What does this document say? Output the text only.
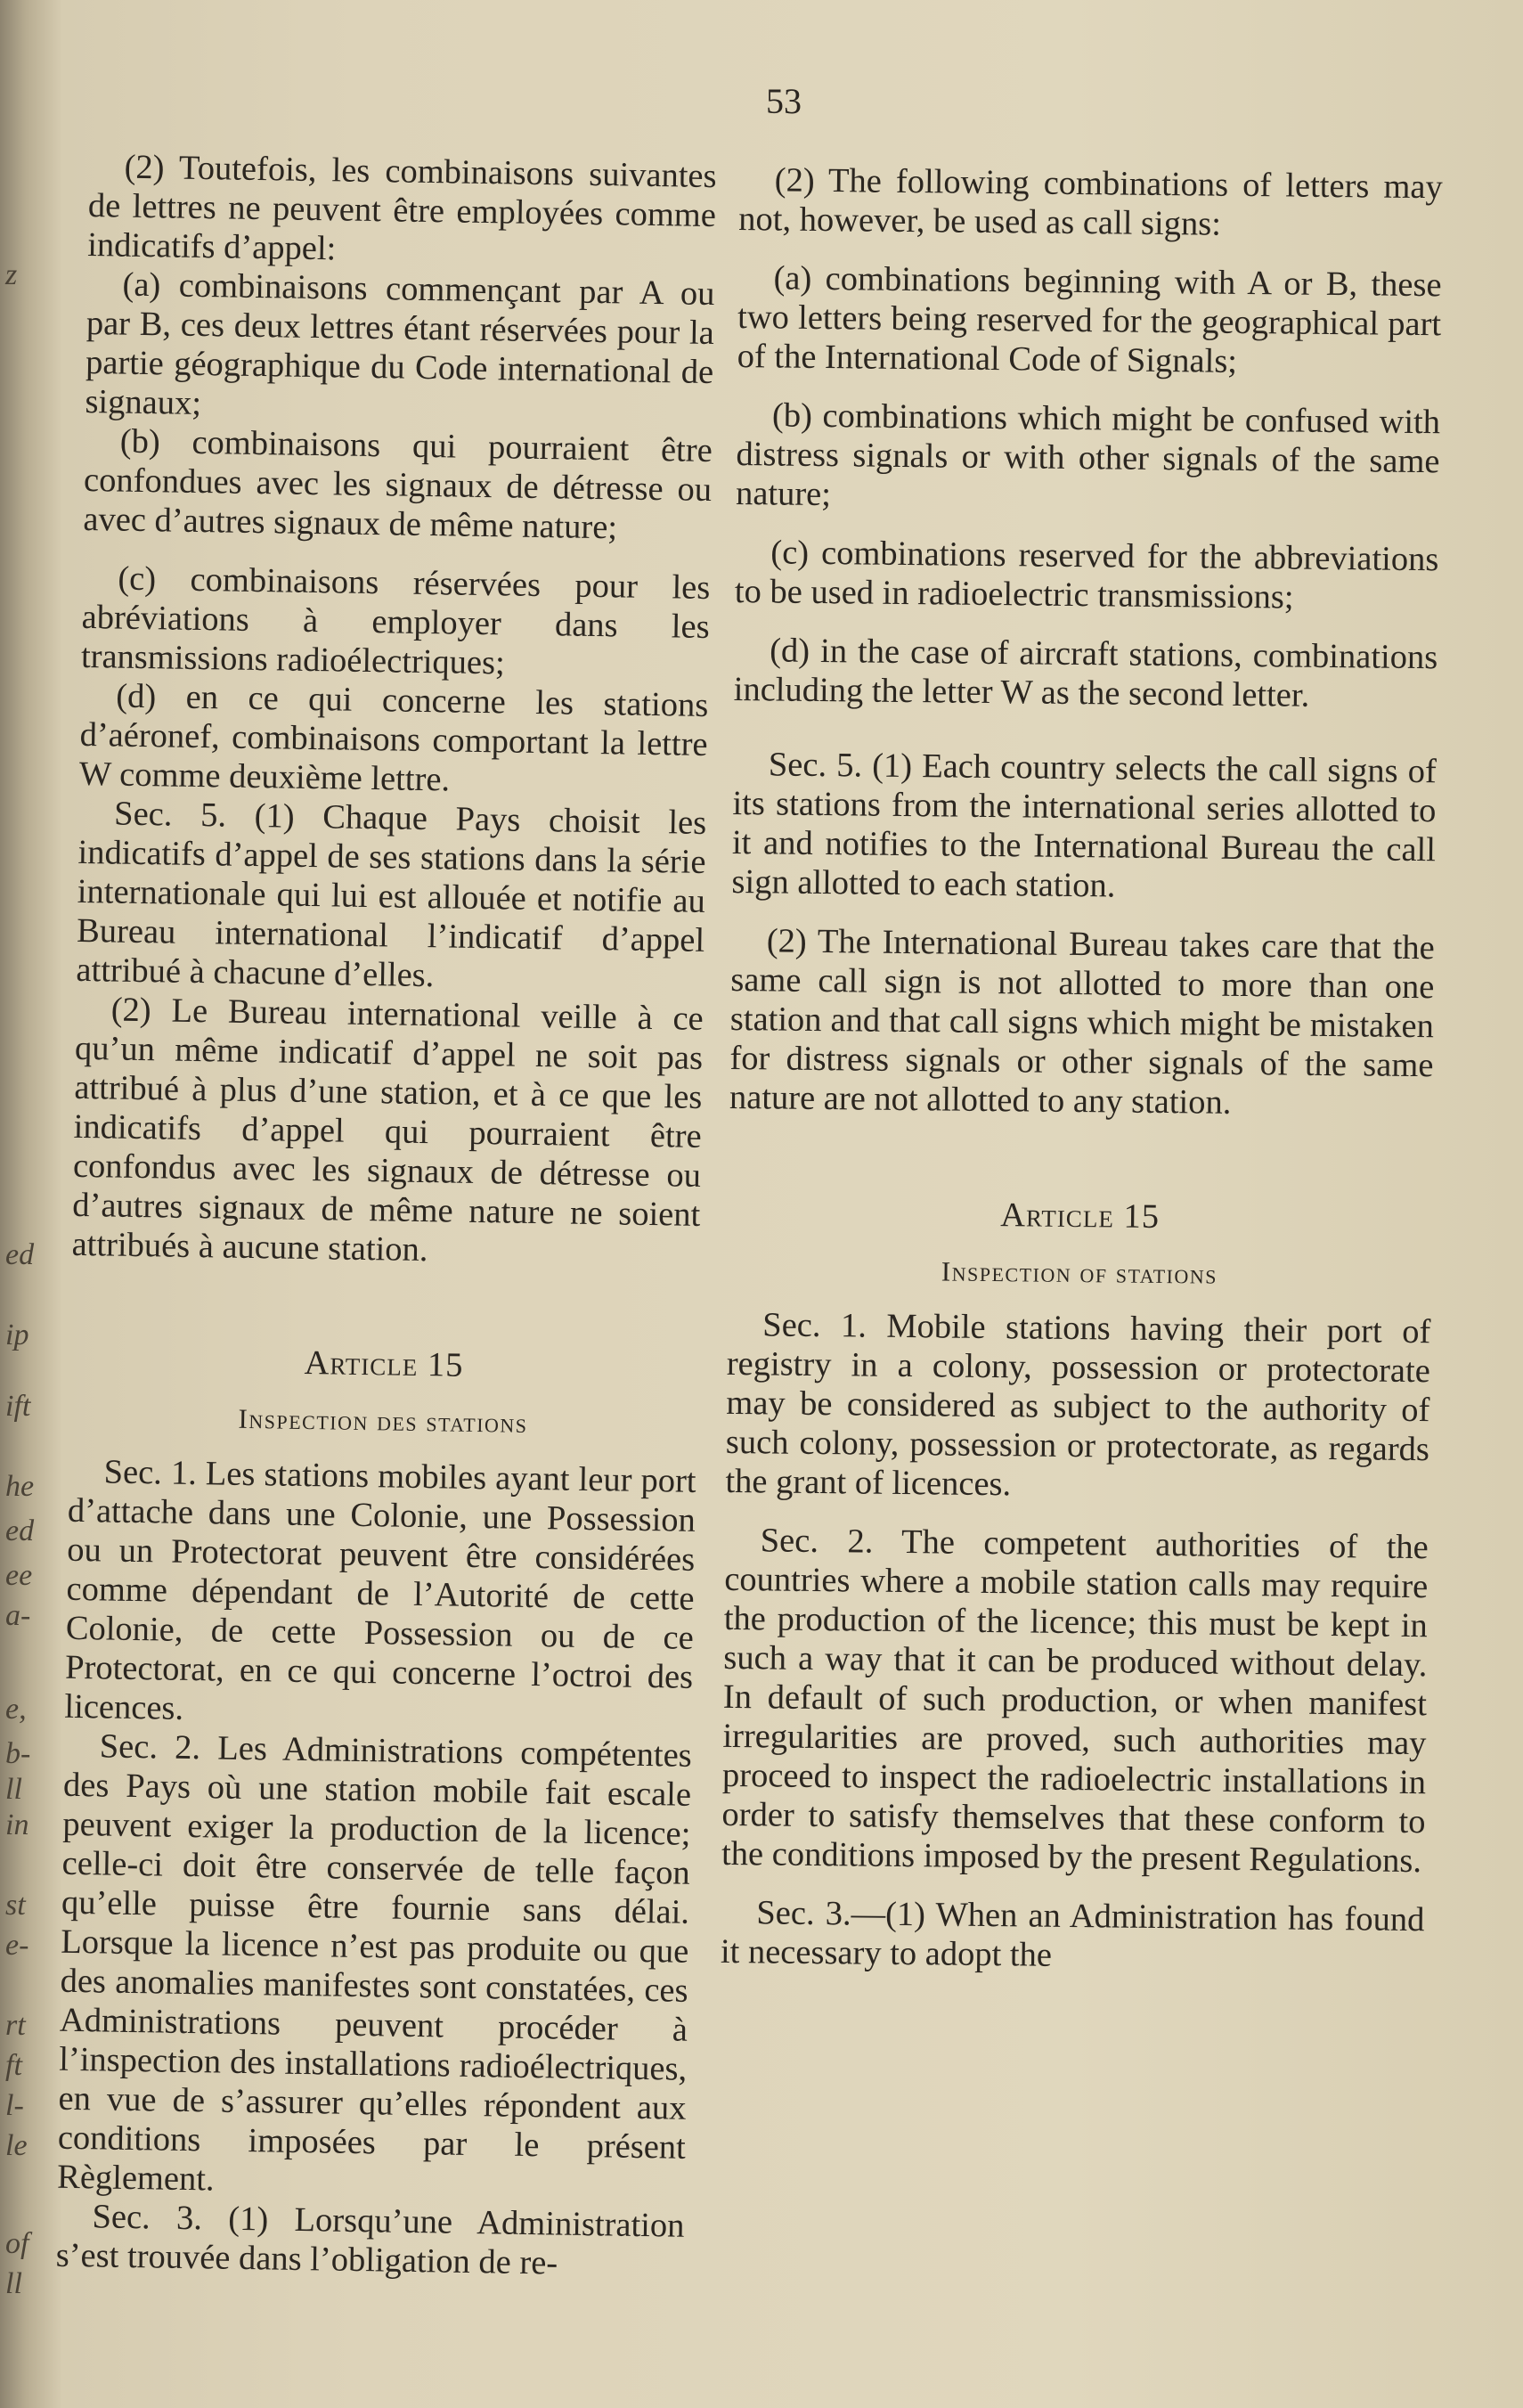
z
ed
ip
ift
he
ed
ee
a-
e,
b-
ll
in
st
e-
rt
ft
l-
le
of
ll
53

(2) Toutefois, les combinaisons suivantes de lettres ne peuvent être employées comme indicatifs d’appel:

(a) combinaisons commençant par A ou par B, ces deux lettres étant réservées pour la partie géographique du Code international de signaux;

(b) combinaisons qui pourraient être confondues avec les signaux de détresse ou avec d’autres signaux de même nature;

(c) combinaisons réservées pour les abréviations à employer dans les transmissions radioélectriques;

(d) en ce qui concerne les stations d’aéronef, combinaisons comportant la lettre W comme deuxième lettre.

Sec. 5. (1) Chaque Pays choisit les indicatifs d’appel de ses stations dans la série internationale qui lui est allouée et notifie au Bureau international l’indicatif d’appel attribué à chacune d’elles.

(2) Le Bureau international veille à ce qu’un même indicatif d’appel ne soit pas attribué à plus d’une station, et à ce que les indicatifs d’appel qui pourraient être confondus avec les signaux de détresse ou d’autres signaux de même nature ne soient attribués à aucune station.

Article 15

Inspection des stations

Sec. 1. Les stations mobiles ayant leur port d’attache dans une Colonie, une Possession ou un Protectorat peuvent être considérées comme dépendant de l’Autorité de cette Colonie, de cette Possession ou de ce Protectorat, en ce qui concerne l’octroi des licences.

Sec. 2. Les Administrations compétentes des Pays où une station mobile fait escale peuvent exiger la production de la licence; celle-ci doit être conservée de telle façon qu’elle puisse être fournie sans délai. Lorsque la licence n’est pas produite ou que des anomalies manifestes sont constatées, ces Administrations peuvent procéder à l’inspection des installations radioélectriques, en vue de s’assurer qu’elles répondent aux conditions imposées par le présent Règlement.

Sec. 3. (1) Lorsqu’une Administration s’est trouvée dans l’obligation de re-

(2) The following combinations of letters may not, however, be used as call signs:

(a) combinations beginning with A or B, these two letters being reserved for the geographical part of the International Code of Signals;

(b) combinations which might be confused with distress signals or with other signals of the same nature;

(c) combinations reserved for the abbreviations to be used in radioelectric transmissions;

(d) in the case of aircraft stations, combinations including the letter W as the second letter.

Sec. 5. (1) Each country selects the call signs of its stations from the international series allotted to it and notifies to the International Bureau the call sign allotted to each station.

(2) The International Bureau takes care that the same call sign is not allotted to more than one station and that call signs which might be mistaken for distress signals or other signals of the same nature are not allotted to any station.

Article 15

Inspection of stations

Sec. 1. Mobile stations having their port of registry in a colony, possession or protectorate may be considered as subject to the authority of such colony, possession or protectorate, as regards the grant of licences.

Sec. 2. The competent authorities of the countries where a mobile station calls may require the production of the licence; this must be kept in such a way that it can be produced without delay. In default of such production, or when manifest irregularities are proved, such authorities may proceed to inspect the radioelectric installations in order to satisfy themselves that these conform to the conditions imposed by the present Regulations.

Sec. 3.—(1) When an Administration has found it necessary to adopt the
